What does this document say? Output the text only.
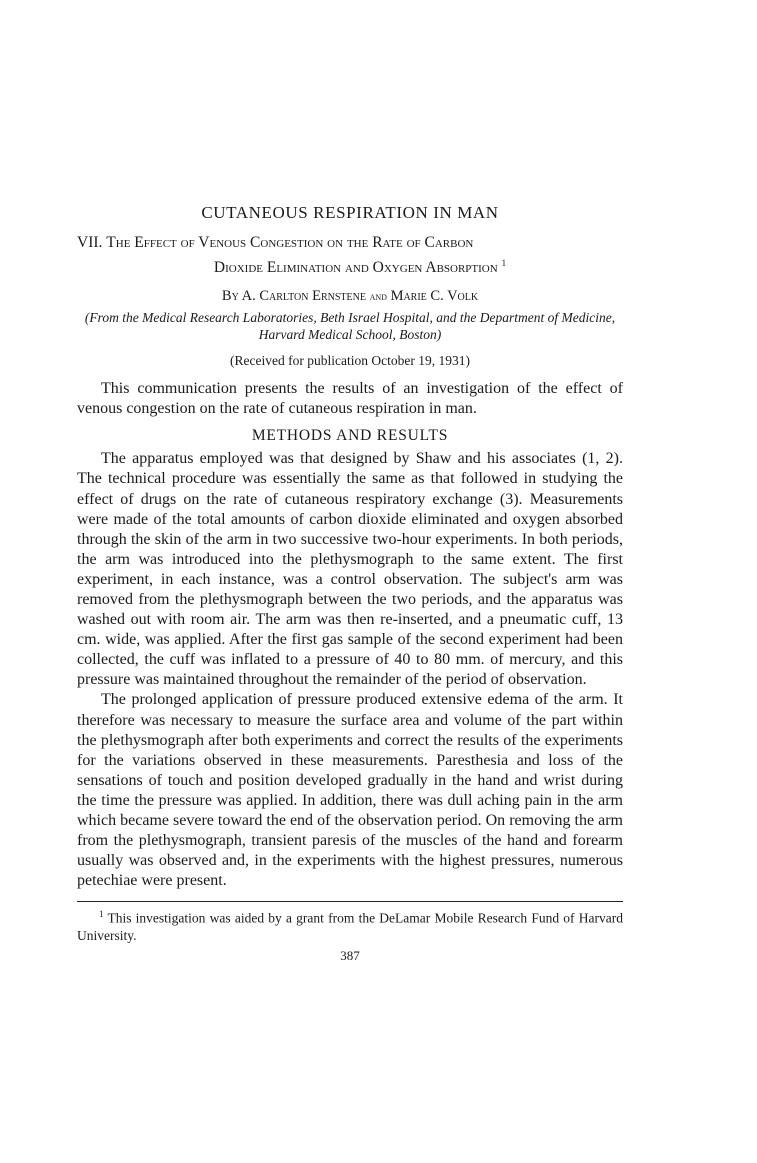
CUTANEOUS RESPIRATION IN MAN
VII. The Effect of Venous Congestion on the Rate of Carbon
Dioxide Elimination and Oxygen Absorption $^1$
By A. Carlton Ernstene and Marie C. Volk
(From the Medical Research Laboratories, Beth Israel Hospital, and the Department of Medicine, Harvard Medical School, Boston)
(Received for publication October 19, 1931)

This communication presents the results of an investigation of the effect of venous congestion on the rate of cutaneous respiration in man.

METHODS AND RESULTS

The apparatus employed was that designed by Shaw and his associates (1, 2). The technical procedure was essentially the same as that followed in studying the effect of drugs on the rate of cutaneous respiratory exchange (3). Measurements were made of the total amounts of carbon dioxide eliminated and oxygen absorbed through the skin of the arm in two successive two-hour experiments. In both periods, the arm was introduced into the plethysmograph to the same extent. The first experiment, in each instance, was a control observation. The subject's arm was removed from the plethysmograph between the two periods, and the apparatus was washed out with room air. The arm was then re-inserted, and a pneumatic cuff, 13 cm. wide, was applied. After the first gas sample of the second experiment had been collected, the cuff was inflated to a pressure of 40 to 80 mm. of mercury, and this pressure was maintained throughout the remainder of the period of observation.

The prolonged application of pressure produced extensive edema of the arm. It therefore was necessary to measure the surface area and volume of the part within the plethysmograph after both experiments and correct the results of the experiments for the variations observed in these measurements. Paresthesia and loss of the sensations of touch and position developed gradually in the hand and wrist during the time the pressure was applied. In addition, there was dull aching pain in the arm which became severe toward the end of the observation period. On removing the arm from the plethysmograph, transient paresis of the muscles of the hand and forearm usually was observed and, in the experiments with the highest pressures, numerous petechiae were present.

$^1$ This investigation was aided by a grant from the DeLamar Mobile Research Fund of Harvard University.

387
